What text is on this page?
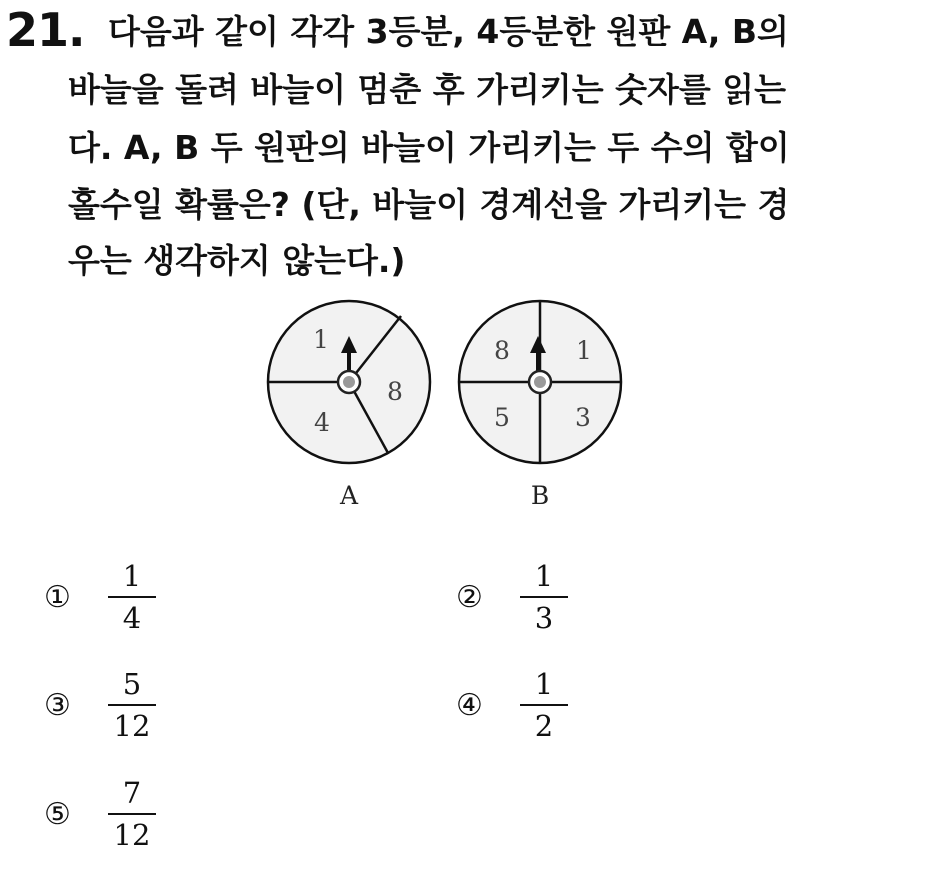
21. 다음과 같이 각각 3등분, 4등분한 원판 A, B의
바늘을 돌려 바늘이 멈춘 후 가리키는 숫자를 읽는
다. A, B 두 원판의 바늘이 가리키는 두 수의 합이
홀수일 확률은? (단, 바늘이 경계선을 가리키는 경
우는 생각하지 않는다.)
1
8
4
A
8	1
5	3
B
①
1
4
②
1
3
③
5
12
④
1
2
⑤
7
12
